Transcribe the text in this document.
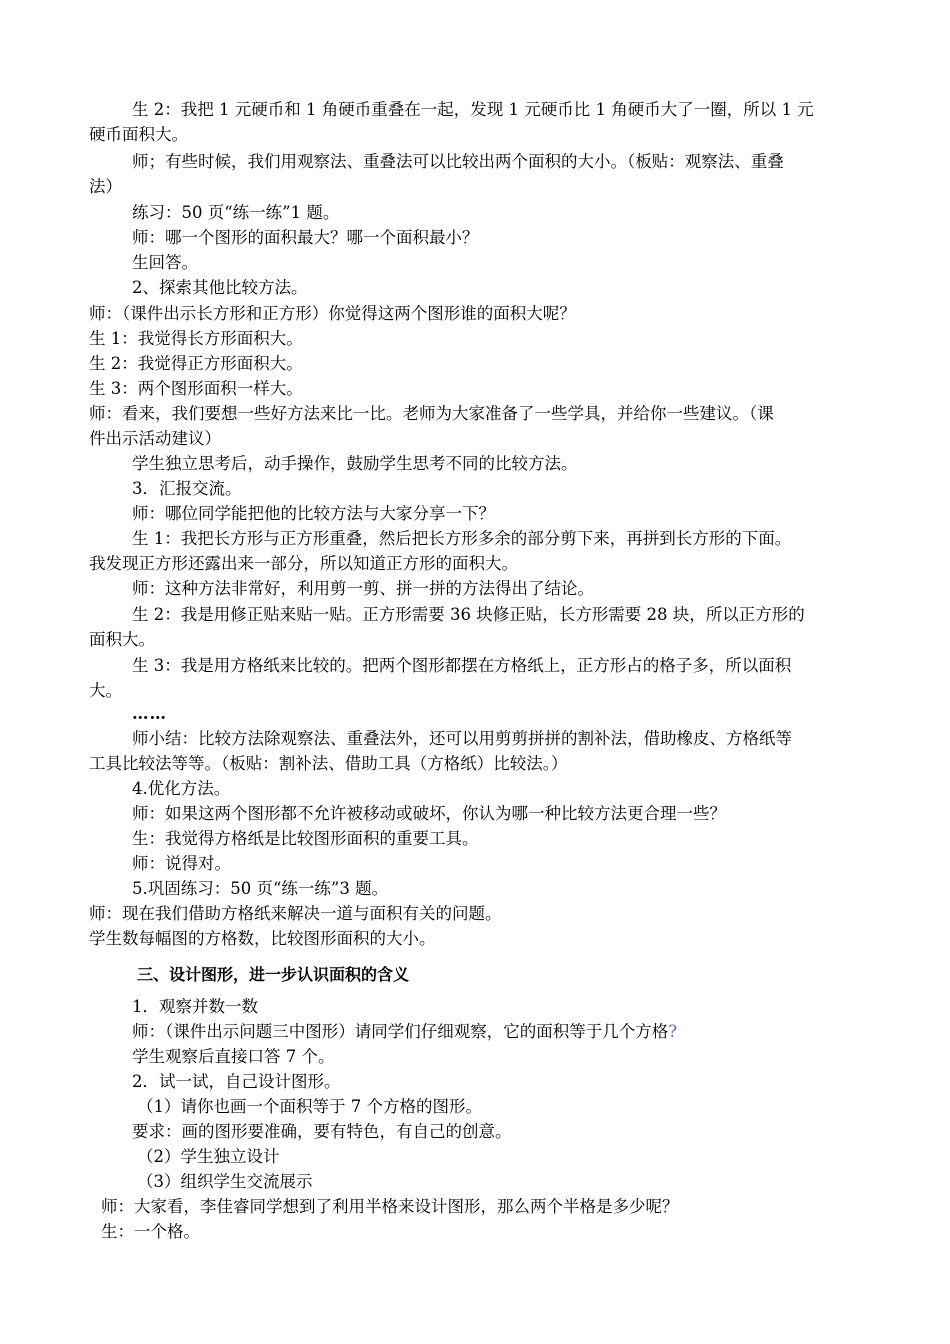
生 2：我把 1 元硬币和 1 角硬币重叠在一起，发现 1 元硬币比 1 角硬币大了一圈，所以 1 元
硬币面积大。
师；有些时候，我们用观察法、重叠法可以比较出两个面积的大小。（板贴：观察法、重叠
法）
练习：50 页“练一练”1 题。
师：哪一个图形的面积最大？哪一个面积最小？
生回答。
2、探索其他比较方法。
师：（课件出示长方形和正方形）你觉得这两个图形谁的面积大呢？
生 1：我觉得长方形面积大。
生 2：我觉得正方形面积大。
生 3：两个图形面积一样大。
师：看来，我们要想一些好方法来比一比。老师为大家准备了一些学具，并给你一些建议。（课
件出示活动建议）
学生独立思考后，动手操作，鼓励学生思考不同的比较方法。
3．汇报交流。
师：哪位同学能把他的比较方法与大家分享一下？
生 1：我把长方形与正方形重叠，然后把长方形多余的部分剪下来，再拼到长方形的下面。
我发现正方形还露出来一部分，所以知道正方形的面积大。
师：这种方法非常好，利用剪一剪、拼一拼的方法得出了结论。
生 2：我是用修正贴来贴一贴。正方形需要 36 块修正贴，长方形需要 28 块，所以正方形的
面积大。
生 3：我是用方格纸来比较的。把两个图形都摆在方格纸上，正方形占的格子多，所以面积
大。
……
师小结：比较方法除观察法、重叠法外，还可以用剪剪拼拼的割补法，借助橡皮、方格纸等
工具比较法等等。（板贴：割补法、借助工具（方格纸）比较法。）
4.优化方法。
师：如果这两个图形都不允许被移动或破坏，你认为哪一种比较方法更合理一些？
生：我觉得方格纸是比较图形面积的重要工具。
师：说得对。
5.巩固练习：50 页“练一练”3 题。
师：现在我们借助方格纸来解决一道与面积有关的问题。
学生数每幅图的方格数，比较图形面积的大小。
三、设计图形，进一步认识面积的含义
1．观察并数一数
师：（课件出示问题三中图形）请同学们仔细观察，它的面积等于几个方格?
学生观察后直接口答 7 个。
2．试一试，自己设计图形。
（1）请你也画一个面积等于 7 个方格的图形。
要求：画的图形要准确，要有特色，有自己的创意。
（2）学生独立设计
（3）组织学生交流展示
师：大家看，李佳睿同学想到了利用半格来设计图形，那么两个半格是多少呢？
生：一个格。
